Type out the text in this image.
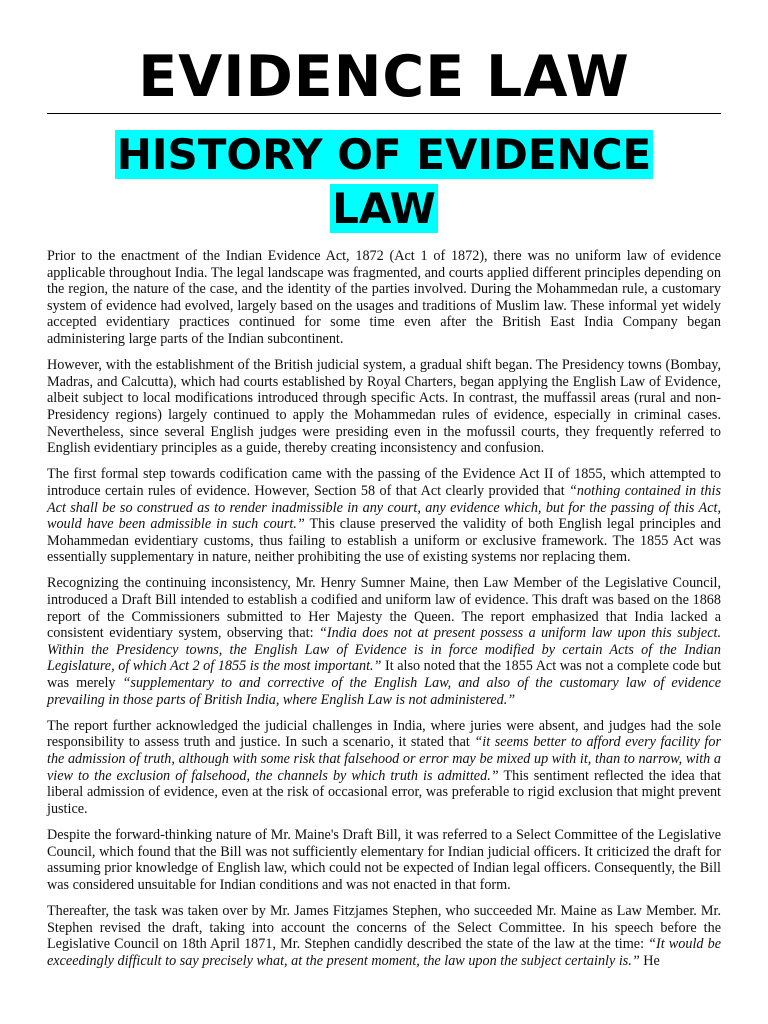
EVIDENCE LAW
HISTORY OF EVIDENCE
LAW

Prior to the enactment of the Indian Evidence Act, 1872 (Act 1 of 1872), there was no uniform law of evidence applicable throughout India. The legal landscape was fragmented, and courts applied different principles depending on the region, the nature of the case, and the identity of the parties involved. During the Mohammedan rule, a customary system of evidence had evolved, largely based on the usages and traditions of Muslim law. These informal yet widely accepted evidentiary practices continued for some time even after the British East India Company began administering large parts of the Indian subcontinent.

However, with the establishment of the British judicial system, a gradual shift began. The Presidency towns (Bombay, Madras, and Calcutta), which had courts established by Royal Charters, began applying the English Law of Evidence, albeit subject to local modifications introduced through specific Acts. In contrast, the muffassil areas (rural and non-Presidency regions) largely continued to apply the Mohammedan rules of evidence, especially in criminal cases. Nevertheless, since several English judges were presiding even in the mofussil courts, they frequently referred to English evidentiary principles as a guide, thereby creating inconsistency and confusion.

The first formal step towards codification came with the passing of the Evidence Act II of 1855, which attempted to introduce certain rules of evidence. However, Section 58 of that Act clearly provided that “nothing contained in this Act shall be so construed as to render inadmissible in any court, any evidence which, but for the passing of this Act, would have been admissible in such court.” This clause preserved the validity of both English legal principles and Mohammedan evidentiary customs, thus failing to establish a uniform or exclusive framework. The 1855 Act was essentially supplementary in nature, neither prohibiting the use of existing systems nor replacing them.

Recognizing the continuing inconsistency, Mr. Henry Sumner Maine, then Law Member of the Legislative Council, introduced a Draft Bill intended to establish a codified and uniform law of evidence. This draft was based on the 1868 report of the Commissioners submitted to Her Majesty the Queen. The report emphasized that India lacked a consistent evidentiary system, observing that: “India does not at present possess a uniform law upon this subject. Within the Presidency towns, the English Law of Evidence is in force modified by certain Acts of the Indian Legislature, of which Act 2 of 1855 is the most important.” It also noted that the 1855 Act was not a complete code but was merely “supplementary to and corrective of the English Law, and also of the customary law of evidence prevailing in those parts of British India, where English Law is not administered.”

The report further acknowledged the judicial challenges in India, where juries were absent, and judges had the sole responsibility to assess truth and justice. In such a scenario, it stated that “it seems better to afford every facility for the admission of truth, although with some risk that falsehood or error may be mixed up with it, than to narrow, with a view to the exclusion of falsehood, the channels by which truth is admitted.” This sentiment reflected the idea that liberal admission of evidence, even at the risk of occasional error, was preferable to rigid exclusion that might prevent justice.

Despite the forward-thinking nature of Mr. Maine's Draft Bill, it was referred to a Select Committee of the Legislative Council, which found that the Bill was not sufficiently elementary for Indian judicial officers. It criticized the draft for assuming prior knowledge of English law, which could not be expected of Indian legal officers. Consequently, the Bill was considered unsuitable for Indian conditions and was not enacted in that form.

Thereafter, the task was taken over by Mr. James Fitzjames Stephen, who succeeded Mr. Maine as Law Member. Mr. Stephen revised the draft, taking into account the concerns of the Select Committee. In his speech before the Legislative Council on 18th April 1871, Mr. Stephen candidly described the state of the law at the time: “It would be exceedingly difficult to say precisely what, at the present moment, the law upon the subject certainly is.” He
